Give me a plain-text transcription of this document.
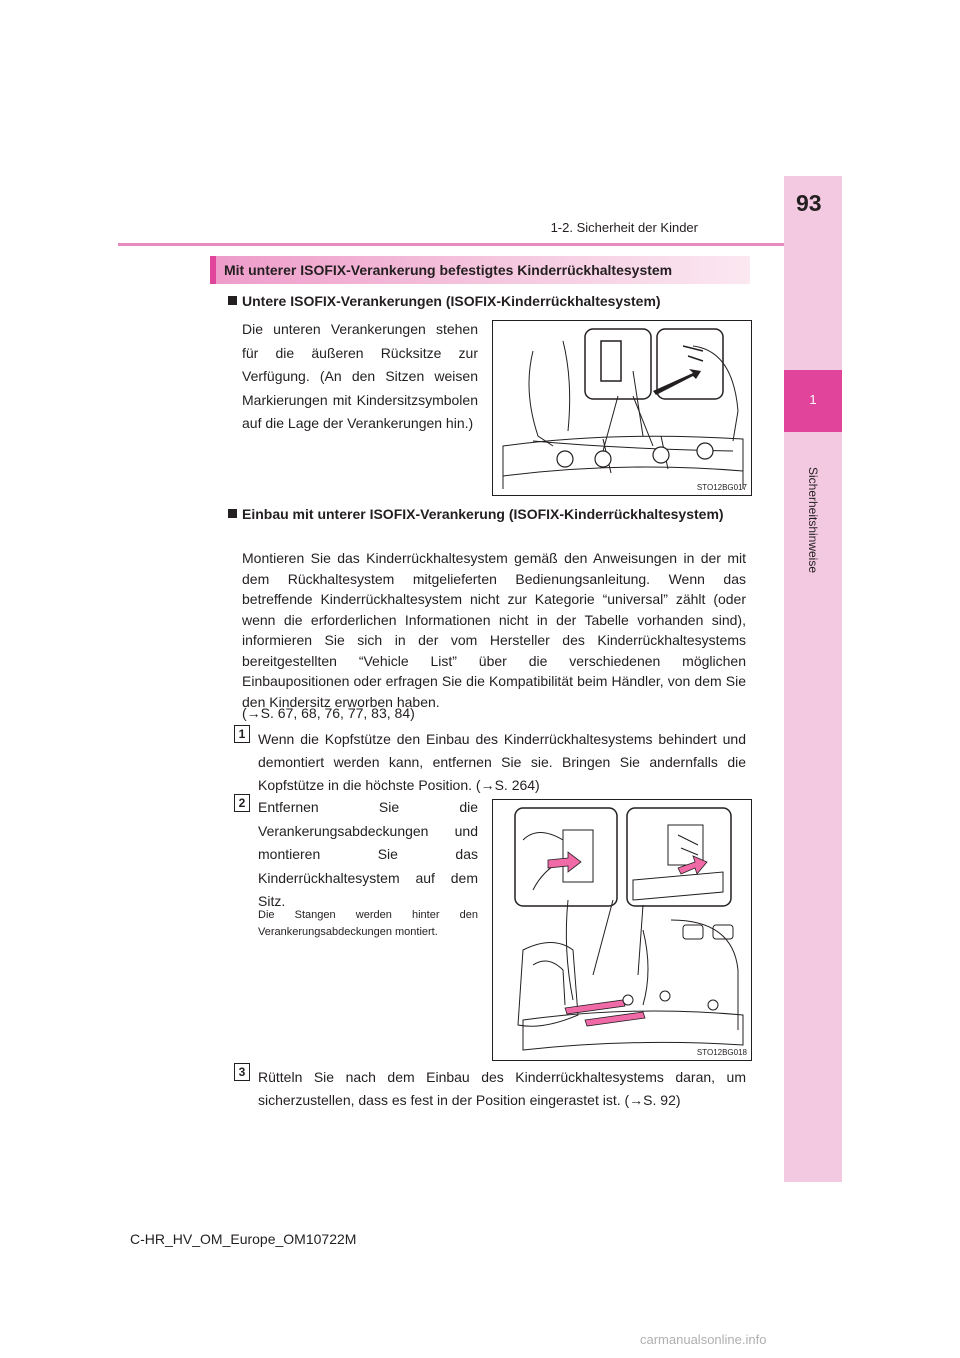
1
Sicherheitshinweise
93
1-2. Sicherheit der Kinder
Mit unterer ISOFIX-Verankerung befestigtes Kinderrückhaltesystem
Untere ISOFIX-Verankerungen (ISOFIX-Kinderrückhaltesystem)
Die unteren Verankerungen stehen für die äußeren Rücksitze zur Verfügung. (An den Sitzen weisen Markierungen mit Kindersitzsymbolen auf die Lage der Verankerungen hin.)
STO12BG017
Einbau mit unterer ISOFIX-Verankerung (ISOFIX-Kinderrückhaltesystem)
Montieren Sie das Kinderrückhaltesystem gemäß den Anweisungen in der mit dem Rückhaltesystem mitgelieferten Bedienungsanleitung. Wenn das betreffende Kinderrückhaltesystem nicht zur Kategorie “universal” zählt (oder wenn die erforderlichen Informationen nicht in der Tabelle vorhanden sind), informieren Sie sich in der vom Hersteller des Kinderrückhaltesystems bereitgestellten “Vehicle List” über die verschiedenen möglichen Einbaupositionen oder erfragen Sie die Kompatibilität beim Händler, von dem Sie den Kindersitz erworben haben.
(→S. 67, 68, 76, 77, 83, 84)
1 Wenn die Kopfstütze den Einbau des Kinderrückhaltesystems behindert und demontiert werden kann, entfernen Sie sie. Bringen Sie andernfalls die Kopfstütze in die höchste Position. (→S. 264)
2 Entfernen Sie die Verankerungsabdeckungen und montieren Sie das Kinderrückhaltesystem auf dem Sitz.
Die Stangen werden hinter den Verankerungsabdeckungen montiert.
STO12BG018
3 Rütteln Sie nach dem Einbau des Kinderrückhaltesystems daran, um sicherzustellen, dass es fest in der Position eingerastet ist. (→S. 92)
C-HR_HV_OM_Europe_OM10722M
carmanualsonline.info
